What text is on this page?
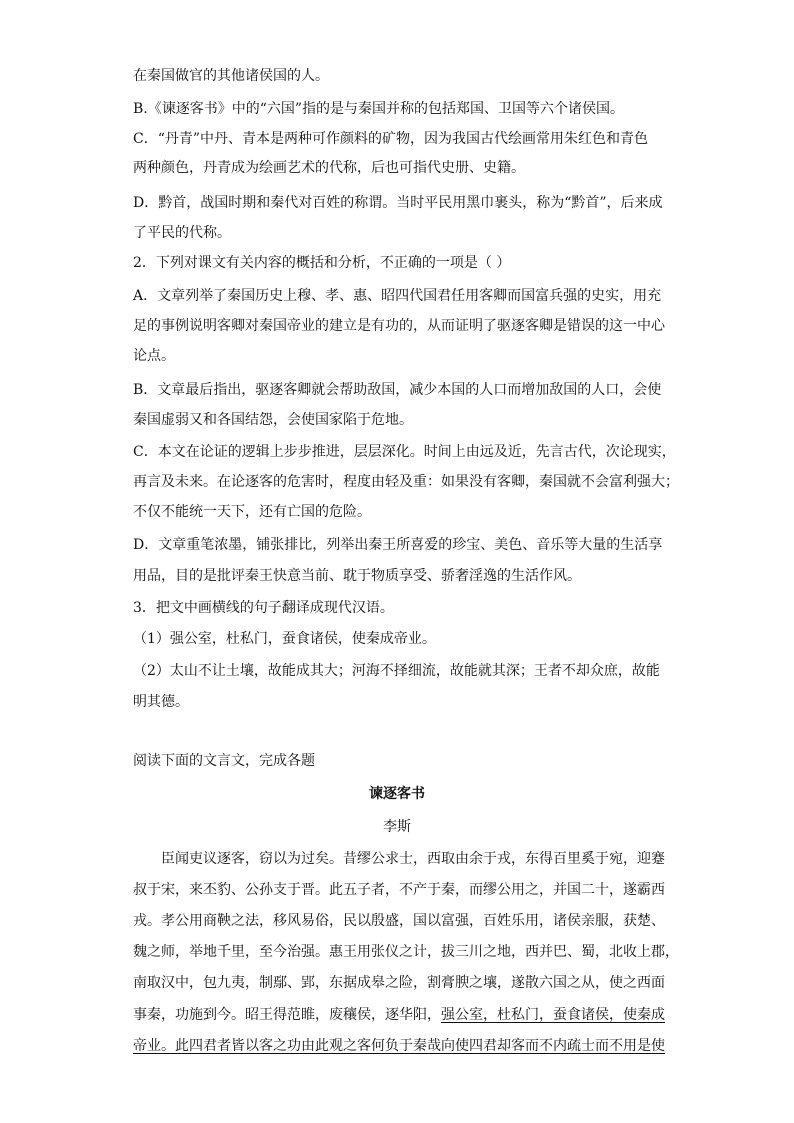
在秦国做官的其他诸侯国的人。
B.《谏逐客书》中的“六国”指的是与秦国并称的包括郑国、卫国等六个诸侯国。
C．“丹青”中丹、青本是两种可作颜料的矿物，因为我国古代绘画常用朱红色和青色
两种颜色，丹青成为绘画艺术的代称，后也可指代史册、史籍。
D．黔首，战国时期和秦代对百姓的称谓。当时平民用黑巾裹头，称为“黔首”，后来成
了平民的代称。
2．下列对课文有关内容的概括和分析，不正确的一项是（ ）
A．文章列举了秦国历史上穆、孝、惠、昭四代国君任用客卿而国富兵强的史实，用充
足的事例说明客卿对秦国帝业的建立是有功的，从而证明了驱逐客卿是错误的这一中心
论点。
B．文章最后指出，驱逐客卿就会帮助敌国，减少本国的人口而增加敌国的人口，会使
秦国虚弱又和各国结怨，会使国家陷于危地。
C．本文在论证的逻辑上步步推进，层层深化。时间上由远及近，先言古代，次论现实，
再言及未来。在论逐客的危害时，程度由轻及重：如果没有客卿，秦国就不会富利强大；
不仅不能统一天下，还有亡国的危险。
D．文章重笔浓墨，铺张排比，列举出秦王所喜爱的珍宝、美色、音乐等大量的生活享
用品，目的是批评秦王快意当前、耽于物质享受、骄奢淫逸的生活作风。
3．把文中画横线的句子翻译成现代汉语。
（1）强公室，杜私门，蚕食诸侯，使秦成帝业。
（2）太山不让土壤，故能成其大；河海不择细流，故能就其深；王者不却众庶，故能
明其德。
阅读下面的文言文，完成各题
谏逐客书
李斯
臣闻吏议逐客，窃以为过矣。昔缪公求士，西取由余于戎，东得百里奚于宛，迎蹇
叔于宋，来丕豹、公孙支于晋。此五子者，不产于秦，而缪公用之，并国二十，遂霸西
戎。孝公用商鞅之法，移风易俗，民以殷盛，国以富强，百姓乐用，诸侯亲服，获楚、
魏之师，举地千里，至今治强。惠王用张仪之计，拔三川之地，西并巴、蜀，北收上郡，
南取汉中，包九夷，制鄢、郢，东据成皋之险，割膏腴之壤，遂散六国之从，使之西面
事秦，功施到今。昭王得范睢，废穰侯，逐华阳，强公室，杜私门，蚕食诸侯，使秦成
帝业。此四君者皆以客之功由此观之客何负于秦哉向使四君却客而不内疏士而不用是使
